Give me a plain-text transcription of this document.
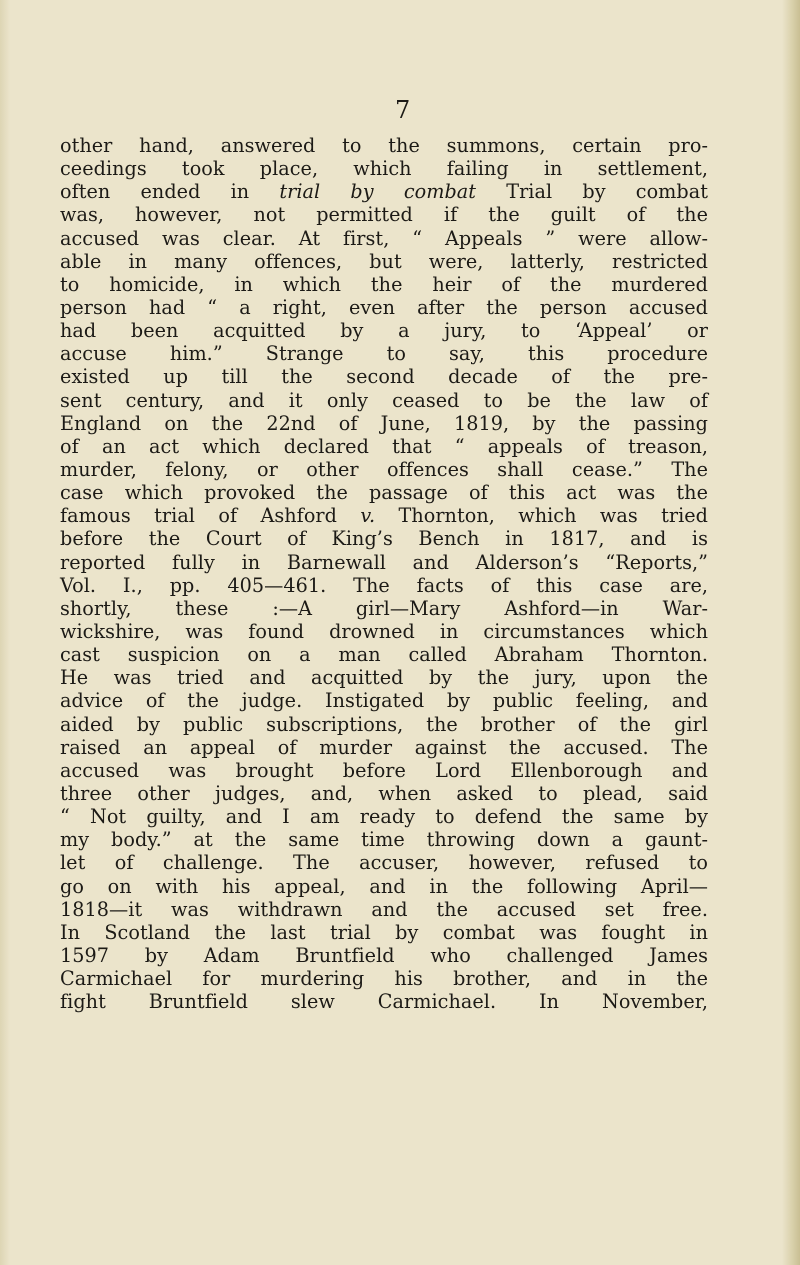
7
other hand, answered to the summons, certain pro-
ceedings took place, which failing in settlement,
often ended in trial by combat Trial by combat
was, however, not permitted if the guilt of the
accused was clear. At first, “ Appeals ” were allow-
able in many offences, but were, latterly, restricted
to homicide, in which the heir of the murdered
person had “ a right, even after the person accused
had been acquitted by a jury, to ‘Appeal’ or
accuse him.” Strange to say, this procedure
existed up till the second decade of the pre-
sent century, and it only ceased to be the law of
England on the 22nd of June, 1819, by the passing
of an act which declared that “ appeals of treason,
murder, felony, or other offences shall cease.” The
case which provoked the passage of this act was the
famous trial of Ashford v. Thornton, which was tried
before the Court of King’s Bench in 1817, and is
reported fully in Barnewall and Alderson’s “Reports,”
Vol. I., pp. 405—461. The facts of this case are,
shortly, these :—A girl—Mary Ashford—in War-
wickshire, was found drowned in circumstances which
cast suspicion on a man called Abraham Thornton.
He was tried and acquitted by the jury, upon the
advice of the judge. Instigated by public feeling, and
aided by public subscriptions, the brother of the girl
raised an appeal of murder against the accused. The
accused was brought before Lord Ellenborough and
three other judges, and, when asked to plead, said
“ Not guilty, and I am ready to defend the same by
my body.” at the same time throwing down a gaunt-
let of challenge. The accuser, however, refused to
go on with his appeal, and in the following April—
1818—it was withdrawn and the accused set free.
In Scotland the last trial by combat was fought in
1597 by Adam Bruntfield who challenged James
Carmichael for murdering his brother, and in the
fight Bruntfield slew Carmichael. In November,
